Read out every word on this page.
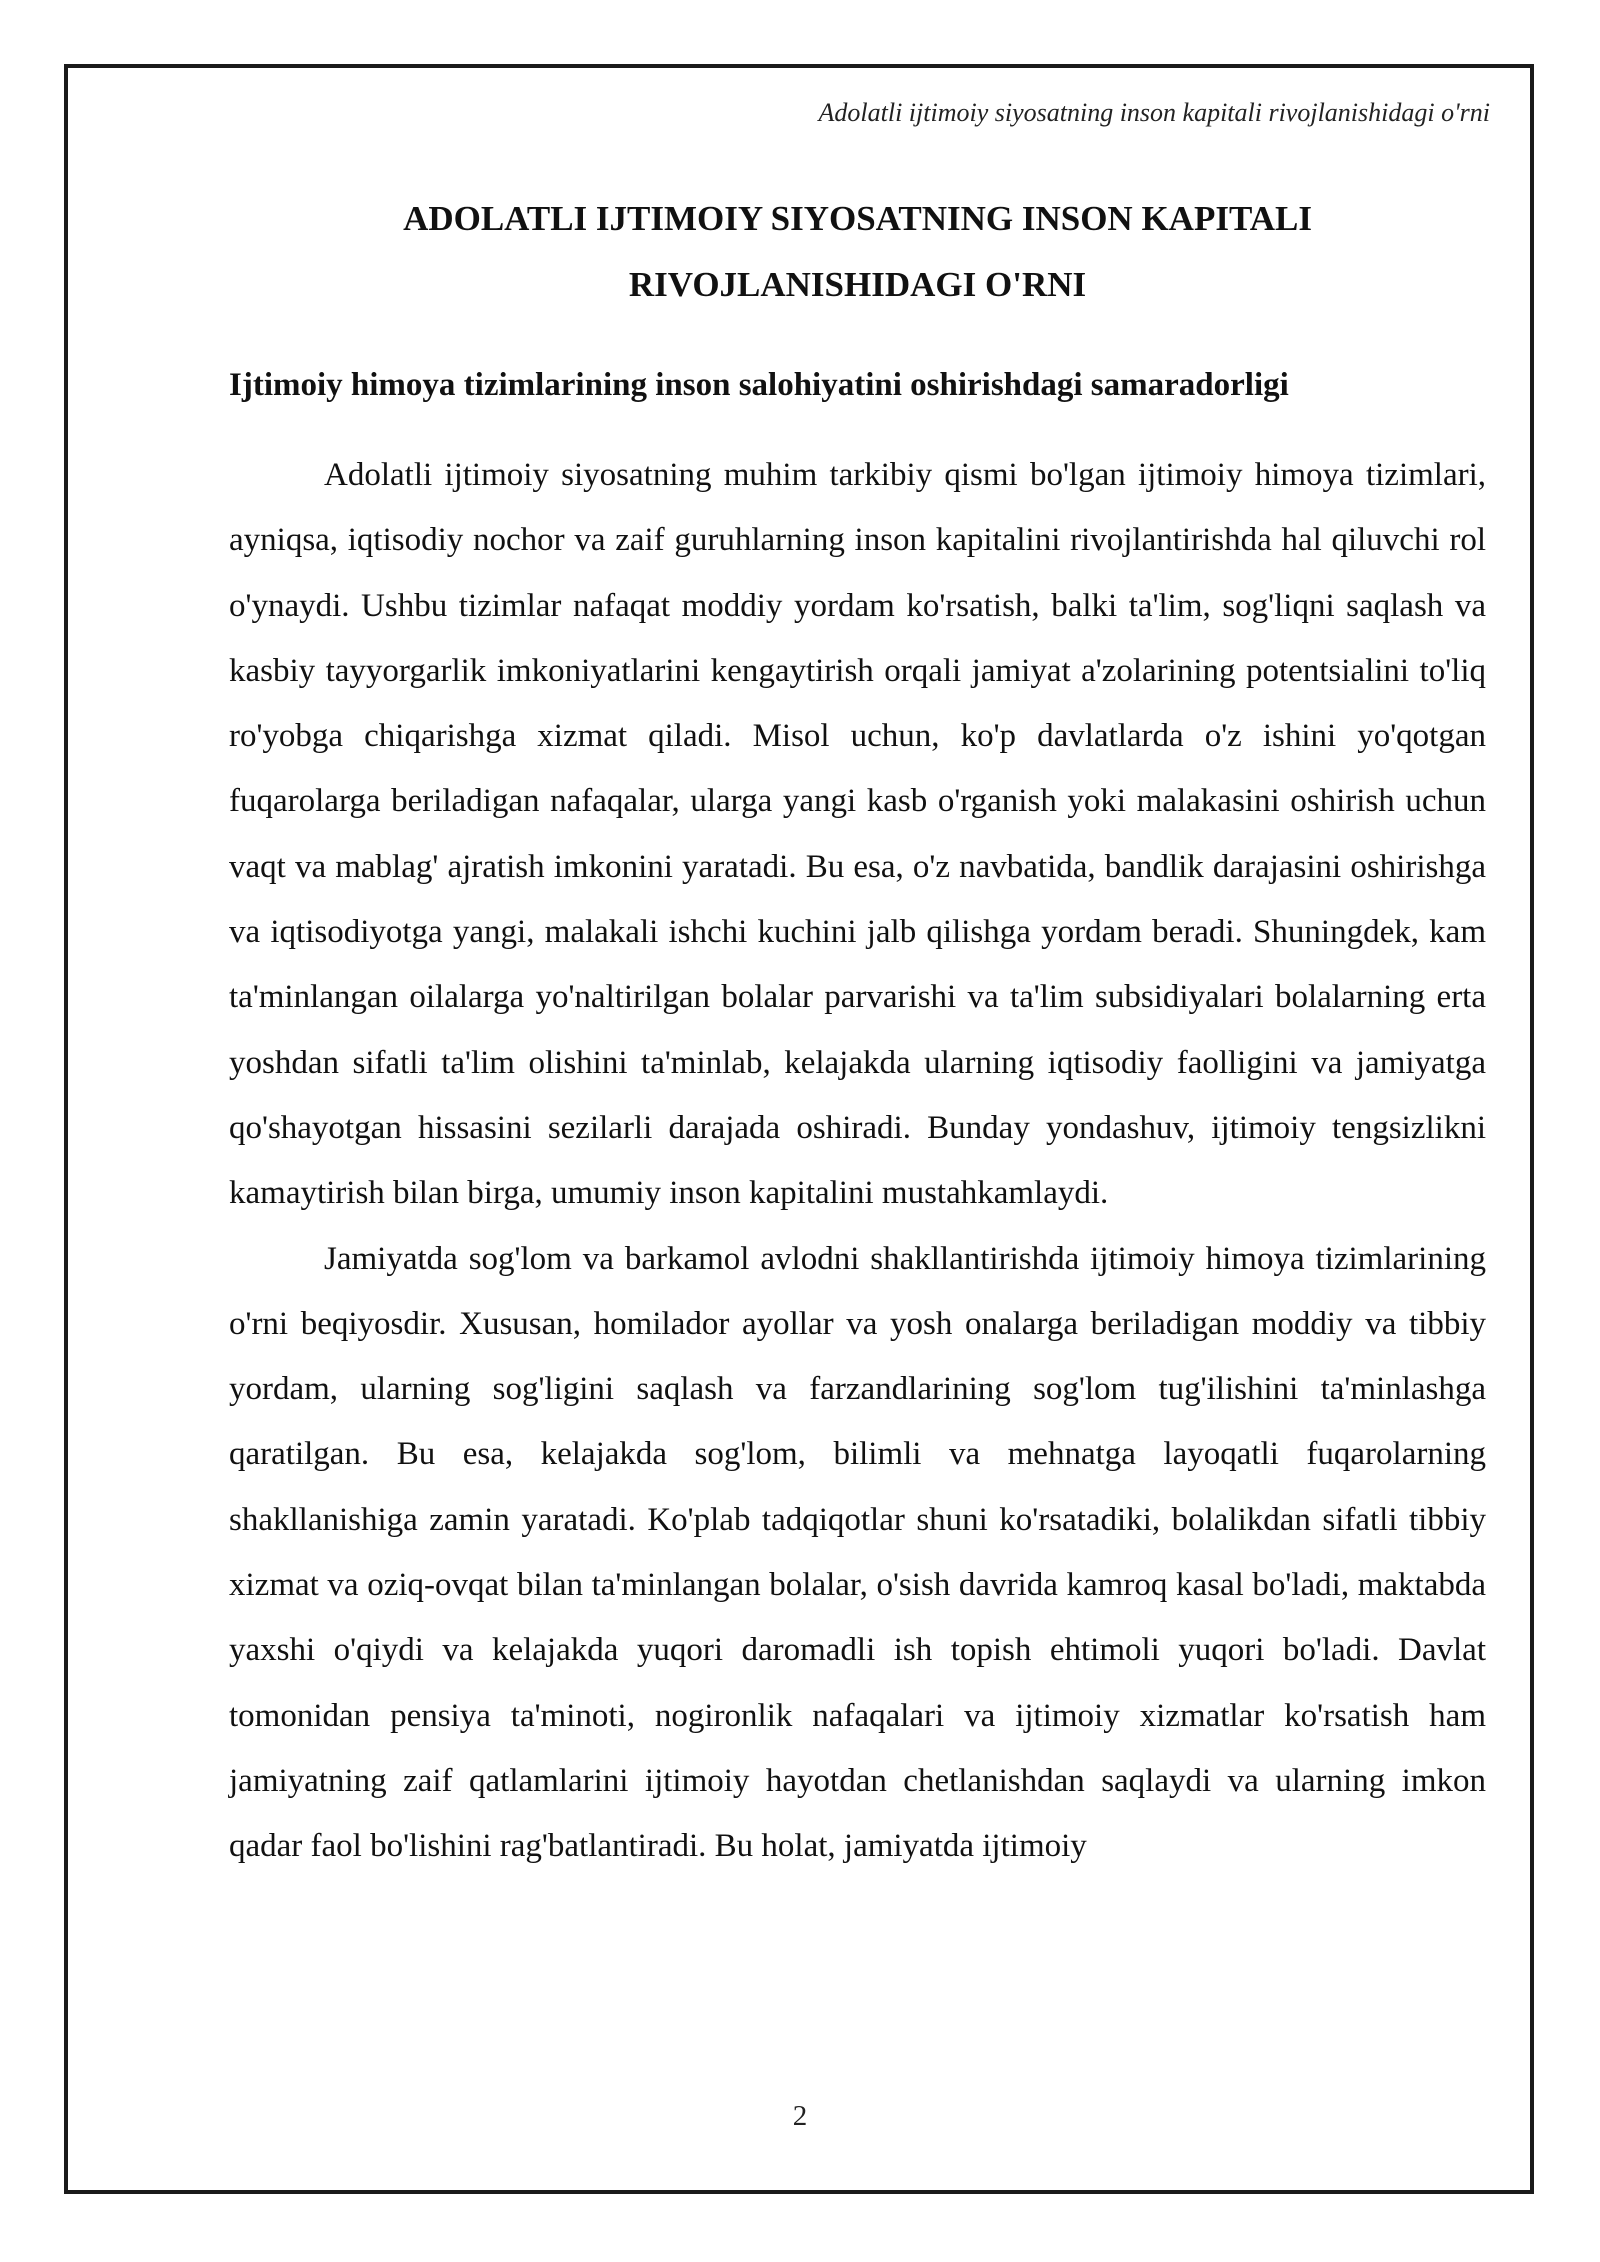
Adolatli ijtimoiy siyosatning inson kapitali rivojlanishidagi o'rni

ADOLATLI IJTIMOIY SIYOSATNING INSON KAPITALI

RIVOJLANISHIDAGI O'RNI

Ijtimoiy himoya tizimlarining inson salohiyatini oshirishdagi samaradorligi

Adolatli ijtimoiy siyosatning muhim tarkibiy qismi bo'lgan ijtimoiy himoya tizimlari, ayniqsa, iqtisodiy nochor va zaif guruhlarning inson kapitalini rivojlantirishda hal qiluvchi rol o'ynaydi. Ushbu tizimlar nafaqat moddiy yordam ko'rsatish, balki ta'lim, sog'liqni saqlash va kasbiy tayyorgarlik imkoniyatlarini kengaytirish orqali jamiyat a'zolarining potentsialini to'liq ro'yobga chiqarishga xizmat qiladi. Misol uchun, ko'p davlatlarda o'z ishini yo'qotgan fuqarolarga beriladigan nafaqalar, ularga yangi kasb o'rganish yoki malakasini oshirish uchun vaqt va mablag' ajratish imkonini yaratadi. Bu esa, o'z navbatida, bandlik darajasini oshirishga va iqtisodiyotga yangi, malakali ishchi kuchini jalb qilishga yordam beradi. Shuningdek, kam ta'minlangan oilalarga yo'naltirilgan bolalar parvarishi va ta'lim subsidiyalari bolalarning erta yoshdan sifatli ta'lim olishini ta'minlab, kelajakda ularning iqtisodiy faolligini va jamiyatga qo'shayotgan hissasini sezilarli darajada oshiradi. Bunday yondashuv, ijtimoiy tengsizlikni kamaytirish bilan birga, umumiy inson kapitalini mustahkamlaydi.

Jamiyatda sog'lom va barkamol avlodni shakllantirishda ijtimoiy himoya tizimlarining o'rni beqiyosdir. Xususan, homilador ayollar va yosh onalarga beriladigan moddiy va tibbiy yordam, ularning sog'ligini saqlash va farzandlarining sog'lom tug'ilishini ta'minlashga qaratilgan. Bu esa, kelajakda sog'lom, bilimli va mehnatga layoqatli fuqarolarning shakllanishiga zamin yaratadi. Ko'plab tadqiqotlar shuni ko'rsatadiki, bolalikdan sifatli tibbiy xizmat va oziq-ovqat bilan ta'minlangan bolalar, o'sish davrida kamroq kasal bo'ladi, maktabda yaxshi o'qiydi va kelajakda yuqori daromadli ish topish ehtimoli yuqori bo'ladi. Davlat tomonidan pensiya ta'minoti, nogironlik nafaqalari va ijtimoiy xizmatlar ko'rsatish ham jamiyatning zaif qatlamlarini ijtimoiy hayotdan chetlanishdan saqlaydi va ularning imkon qadar faol bo'lishini rag'batlantiradi. Bu holat, jamiyatda ijtimoiy

2
